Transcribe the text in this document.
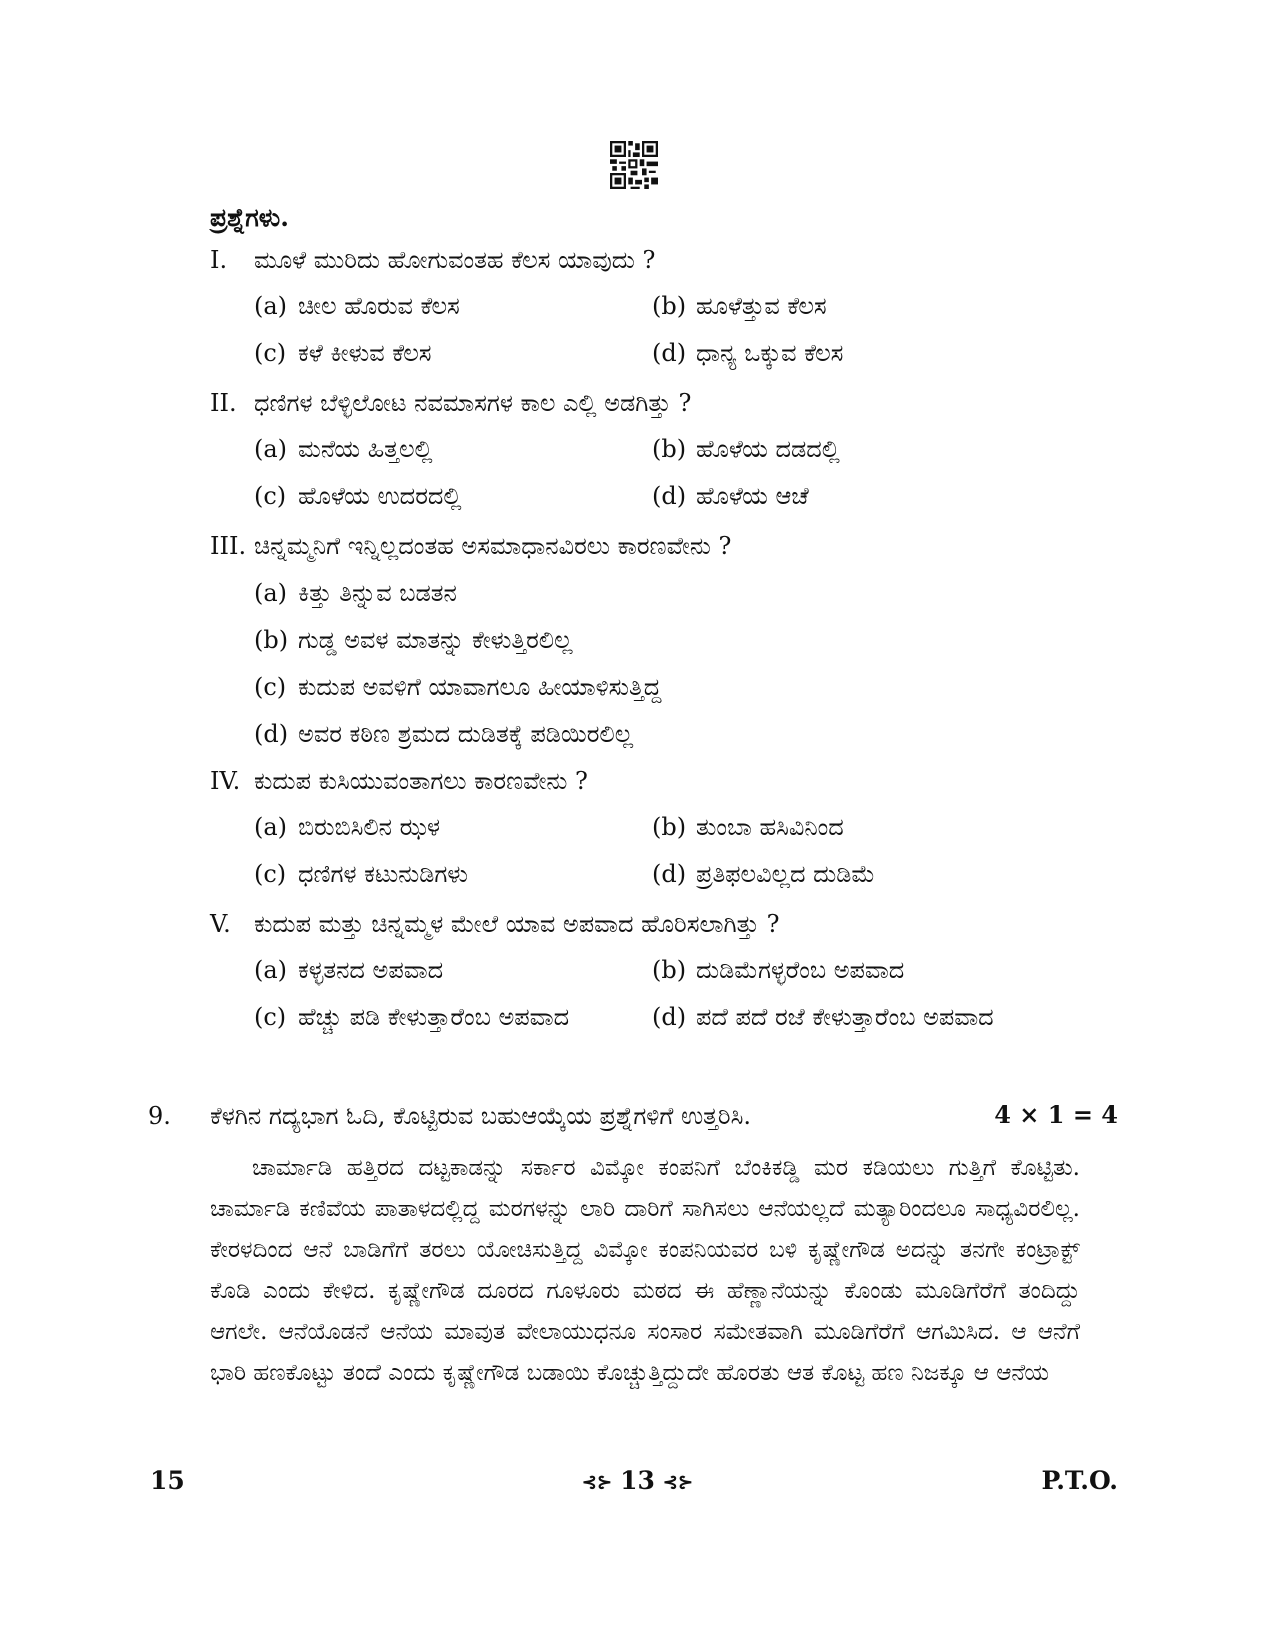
ಪ್ರಶ್ನೆಗಳು.
I. ಮೂಳೆ ಮುರಿದು ಹೋಗುವಂತಹ ಕೆಲಸ ಯಾವುದು ?
(a) ಚೀಲ ಹೊರುವ ಕೆಲಸ	(b) ಹೂಳೆತ್ತುವ ಕೆಲಸ
(c) ಕಳೆ ಕೀಳುವ ಕೆಲಸ	(d) ಧಾನ್ಯ ಒಕ್ಕುವ ಕೆಲಸ
II. ಧಣಿಗಳ ಬೆಳ್ಳಿಲೋಟ ನವಮಾಸಗಳ ಕಾಲ ಎಲ್ಲಿ ಅಡಗಿತ್ತು ?
(a) ಮನೆಯ ಹಿತ್ತಲಲ್ಲಿ	(b) ಹೊಳೆಯ ದಡದಲ್ಲಿ
(c) ಹೊಳೆಯ ಉದರದಲ್ಲಿ	(d) ಹೊಳೆಯ ಆಚೆ
III. ಚಿನ್ನಮ್ಮನಿಗೆ ಇನ್ನಿಲ್ಲದಂತಹ ಅಸಮಾಧಾನವಿರಲು ಕಾರಣವೇನು ?
(a) ಕಿತ್ತು ತಿನ್ನುವ ಬಡತನ
(b) ಗುಡ್ಡ ಅವಳ ಮಾತನ್ನು ಕೇಳುತ್ತಿರಲಿಲ್ಲ
(c) ಕುದುಪ ಅವಳಿಗೆ ಯಾವಾಗಲೂ ಹೀಯಾಳಿಸುತ್ತಿದ್ದ
(d) ಅವರ ಕಠಿಣ ಶ್ರಮದ ದುಡಿತಕ್ಕೆ ಪಡಿಯಿರಲಿಲ್ಲ
IV. ಕುದುಪ ಕುಸಿಯುವಂತಾಗಲು ಕಾರಣವೇನು ?
(a) ಬಿರುಬಿಸಿಲಿನ ಝಳ	(b) ತುಂಬಾ ಹಸಿವಿನಿಂದ
(c) ಧಣಿಗಳ ಕಟುನುಡಿಗಳು	(d) ಪ್ರತಿಫಲವಿಲ್ಲದ ದುಡಿಮೆ
V. ಕುದುಪ ಮತ್ತು ಚಿನ್ನಮ್ಮಳ ಮೇಲೆ ಯಾವ ಅಪವಾದ ಹೊರಿಸಲಾಗಿತ್ತು ?
(a) ಕಳ್ಳತನದ ಅಪವಾದ	(b) ದುಡಿಮೆಗಳ್ಳರೆಂಬ ಅಪವಾದ
(c) ಹೆಚ್ಚು ಪಡಿ ಕೇಳುತ್ತಾರೆಂಬ ಅಪವಾದ	(d) ಪದೆ ಪದೆ ರಜೆ ಕೇಳುತ್ತಾರೆಂಬ ಅಪವಾದ
9. ಕೆಳಗಿನ ಗದ್ಯಭಾಗ ಓದಿ, ಕೊಟ್ಟಿರುವ ಬಹುಆಯ್ಕೆಯ ಪ್ರಶ್ನೆಗಳಿಗೆ ಉತ್ತರಿಸಿ.	4 × 1 = 4

ಚಾರ್ಮಾಡಿ ಹತ್ತಿರದ ದಟ್ಟಕಾಡನ್ನು ಸರ್ಕಾರ ವಿಮ್ಕೋ ಕಂಪನಿಗೆ ಬೆಂಕಿಕಡ್ಡಿ ಮರ ಕಡಿಯಲು ಗುತ್ತಿಗೆ ಕೊಟ್ಟಿತು. ಚಾರ್ಮಾಡಿ ಕಣಿವೆಯ ಪಾತಾಳದಲ್ಲಿದ್ದ ಮರಗಳನ್ನು ಲಾರಿ ದಾರಿಗೆ ಸಾಗಿಸಲು ಆನೆಯಲ್ಲದೆ ಮತ್ಯಾರಿಂದಲೂ ಸಾಧ್ಯವಿರಲಿಲ್ಲ. ಕೇರಳದಿಂದ ಆನೆ ಬಾಡಿಗೆಗೆ ತರಲು ಯೋಚಿಸುತ್ತಿದ್ದ ವಿಮ್ಕೋ ಕಂಪನಿಯವರ ಬಳಿ ಕೃಷ್ಣೇಗೌಡ ಅದನ್ನು ತನಗೇ ಕಂಟ್ರಾಕ್ಟ್ ಕೊಡಿ ಎಂದು ಕೇಳಿದ. ಕೃಷ್ಣೇಗೌಡ ದೂರದ ಗೂಳೂರು ಮಠದ ಈ ಹೆಣ್ಣಾನೆಯನ್ನು ಕೊಂಡು ಮೂಡಿಗೆರೆಗೆ ತಂದಿದ್ದು ಆಗಲೇ. ಆನೆಯೊಡನೆ ಆನೆಯ ಮಾವುತ ವೇಲಾಯುಧನೂ ಸಂಸಾರ ಸಮೇತವಾಗಿ ಮೂಡಿಗೆರೆಗೆ ಆಗಮಿಸಿದ. ಆ ಆನೆಗೆ ಭಾರಿ ಹಣಕೊಟ್ಟು ತಂದೆ ಎಂದು ಕೃಷ್ಣೇಗೌಡ ಬಡಾಯಿ ಕೊಚ್ಚುತ್ತಿದ್ದುದೇ ಹೊರತು ಆತ ಕೊಟ್ಟ ಹಣ ನಿಜಕ್ಕೂ ಆ ಆನೆಯ

15	⊰⊱ 13 ⊰⊱	P.T.O.
